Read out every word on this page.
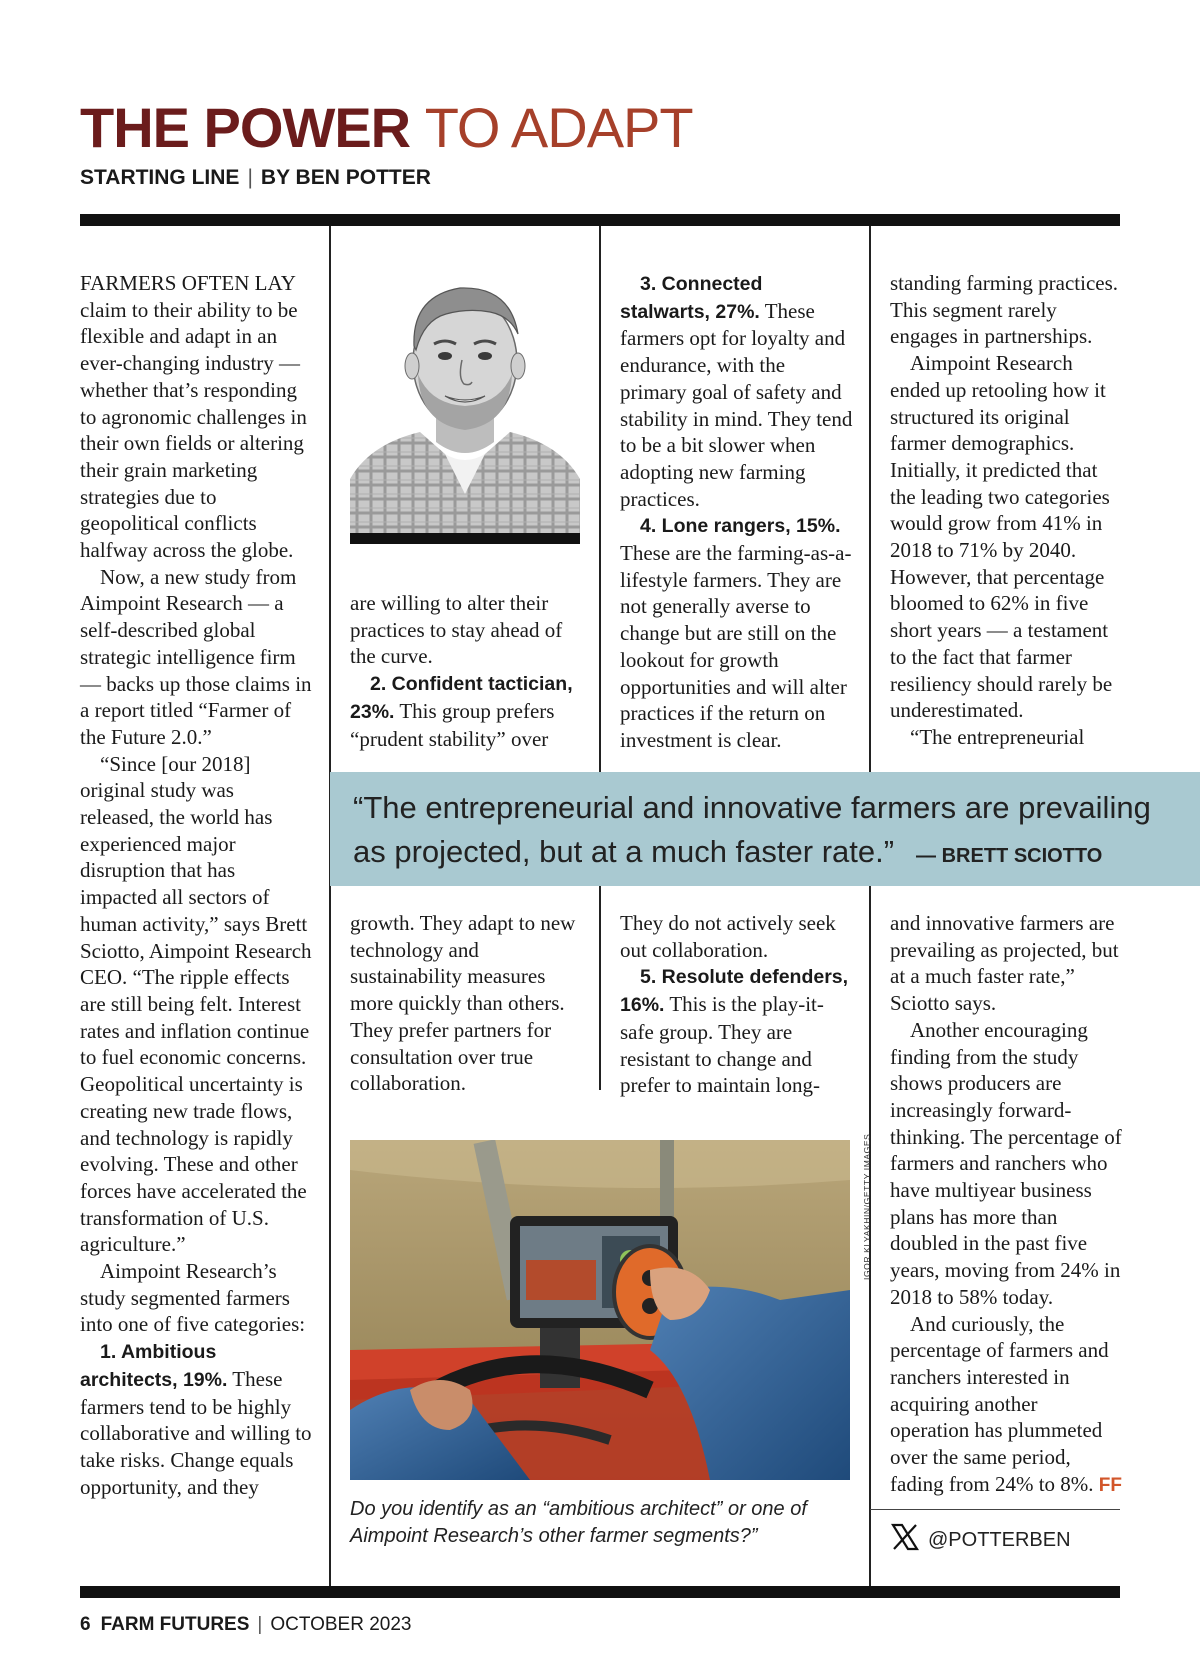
THE POWER TO ADAPT
STARTING LINE | BY BEN POTTER

FARMERS OFTEN LAY claim to their ability to be flexible and adapt in an ever-changing industry — whether that’s responding to agronomic challenges in their own fields or altering their grain marketing strategies due to geopolitical conflicts halfway across the globe.

Now, a new study from Aimpoint Research — a self-described global strategic intelligence firm — backs up those claims in a report titled “Farmer of the Future 2.0.”

“Since [our 2018] original study was released, the world has experienced major disruption that has impacted all sectors of human activity,” says Brett Sciotto, Aimpoint Research CEO. “The ripple effects are still being felt. Interest rates and inflation continue to fuel economic concerns. Geopolitical uncertainty is creating new trade flows, and technology is rapidly evolving. These and other forces have accelerated the transformation of U.S. agriculture.”

Aimpoint Research’s study segmented farmers into one of five categories:

1. Ambitious architects, 19%. These farmers tend to be highly collaborative and willing to take risks. Change equals opportunity, and they

are willing to alter their practices to stay ahead of the curve.

2. Confident tactician, 23%. This group prefers “prudent stability” over

3. Connected stalwarts, 27%. These farmers opt for loyalty and endurance, with the primary goal of safety and stability in mind. They tend to be a bit slower when adopting new farming practices.

4. Lone rangers, 15%. These are the farming-as-a-lifestyle farmers. They are not generally averse to change but are still on the lookout for growth opportunities and will alter practices if the return on investment is clear.

standing farming practices. This segment rarely engages in partnerships.

Aimpoint Research ended up retooling how it structured its original farmer demographics. Initially, it predicted that the leading two categories would grow from 41% in 2018 to 71% by 2040. However, that percentage bloomed to 62% in five short years — a testament to the fact that farmer resiliency should rarely be underestimated.

“The entrepreneurial

“The entrepreneurial and innovative farmers are prevailing as projected, but at a much faster rate.” — BRETT SCIOTTO

growth. They adapt to new technology and sustainability measures more quickly than others. They prefer partners for consultation over true collaboration.

They do not actively seek out collaboration.

5. Resolute defenders, 16%. This is the play-it-safe group. They are resistant to change and prefer to maintain long-

and innovative farmers are prevailing as projected, but at a much faster rate,” Sciotto says.

Another encouraging finding from the study shows producers are increasingly forward-thinking. The percentage of farmers and ranchers who have multiyear business plans has more than doubled in the past five years, moving from 24% in 2018 to 58% today.

And curiously, the percentage of farmers and ranchers interested in acquiring another operation has plummeted over the same period, fading from 24% to 8%. FF

IGOR KLYAKHIN/GETTY IMAGES
Do you identify as an “ambitious architect” or one of Aimpoint Research’s other farmer segments?”	@POTTERBEN
6 FARM FUTURES | OCTOBER 2023
